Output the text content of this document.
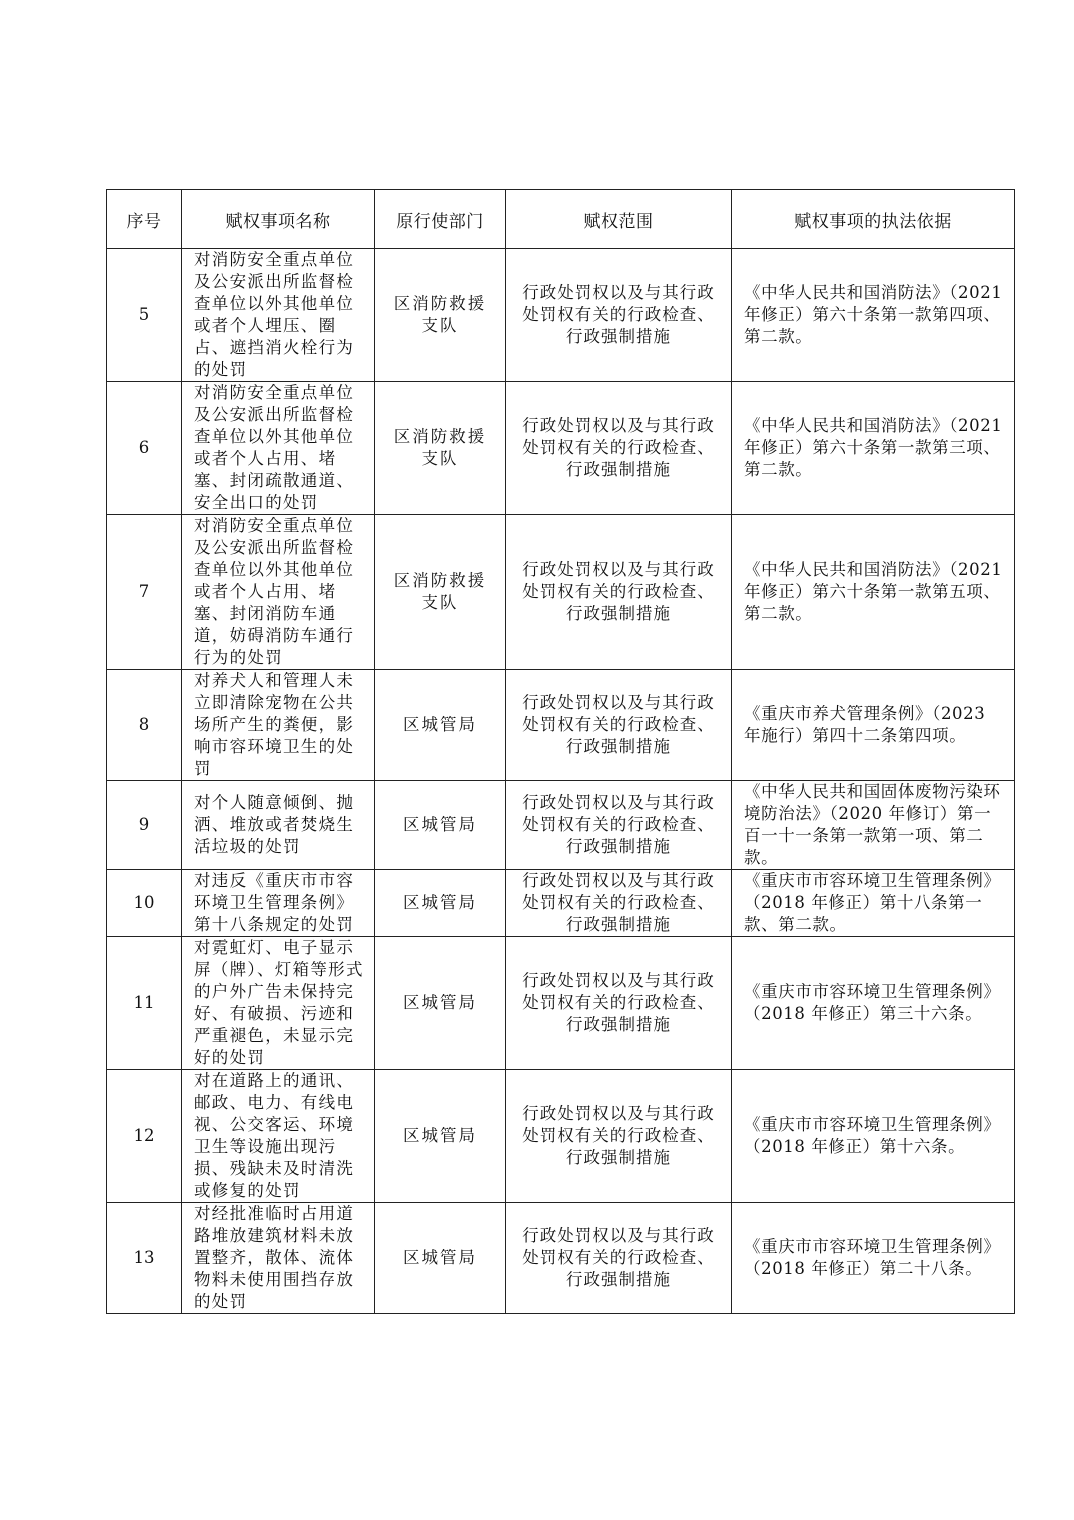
序号	赋权事项名称	原行使部门	赋权范围	赋权事项的执法依据
5	对消防安全重点单位及公安派出所监督检查单位以外其他单位或者个人埋压、圈占、遮挡消火栓行为的处罚	区消防救援支队	行政处罚权以及与其行政处罚权有关的行政检查、行政强制措施	《中华人民共和国消防法》（2021 年修正）第六十条第一款第四项、第二款。
6	对消防安全重点单位及公安派出所监督检查单位以外其他单位或者个人占用、堵塞、封闭疏散通道、安全出口的处罚	区消防救援支队	行政处罚权以及与其行政处罚权有关的行政检查、行政强制措施	《中华人民共和国消防法》（2021 年修正）第六十条第一款第三项、第二款。
7	对消防安全重点单位及公安派出所监督检查单位以外其他单位或者个人占用、堵塞、封闭消防车通道，妨碍消防车通行行为的处罚	区消防救援支队	行政处罚权以及与其行政处罚权有关的行政检查、行政强制措施	《中华人民共和国消防法》（2021 年修正）第六十条第一款第五项、第二款。
8	对养犬人和管理人未立即清除宠物在公共场所产生的粪便，影响市容环境卫生的处罚	区城管局	行政处罚权以及与其行政处罚权有关的行政检查、行政强制措施	《重庆市养犬管理条例》（2023 年施行）第四十二条第四项。
9	对个人随意倾倒、抛洒、堆放或者焚烧生活垃圾的处罚	区城管局	行政处罚权以及与其行政处罚权有关的行政检查、行政强制措施	《中华人民共和国固体废物污染环境防治法》（2020 年修订）第一百一十一条第一款第一项、第二款。
10	对违反《重庆市市容环境卫生管理条例》第十八条规定的处罚	区城管局	行政处罚权以及与其行政处罚权有关的行政检查、行政强制措施	《重庆市市容环境卫生管理条例》（2018 年修正）第十八条第一款、第二款。
11	对霓虹灯、电子显示屏（牌）、灯箱等形式的户外广告未保持完好、有破损、污迹和严重褪色，未显示完好的处罚	区城管局	行政处罚权以及与其行政处罚权有关的行政检查、行政强制措施	《重庆市市容环境卫生管理条例》（2018 年修正）第三十六条。
12	对在道路上的通讯、邮政、电力、有线电视、公交客运、环境卫生等设施出现污损、残缺未及时清洗或修复的处罚	区城管局	行政处罚权以及与其行政处罚权有关的行政检查、行政强制措施	《重庆市市容环境卫生管理条例》（2018 年修正）第十六条。
13	对经批准临时占用道路堆放建筑材料未放置整齐，散体、流体物料未使用围挡存放的处罚	区城管局	行政处罚权以及与其行政处罚权有关的行政检查、行政强制措施	《重庆市市容环境卫生管理条例》（2018 年修正）第二十八条。
